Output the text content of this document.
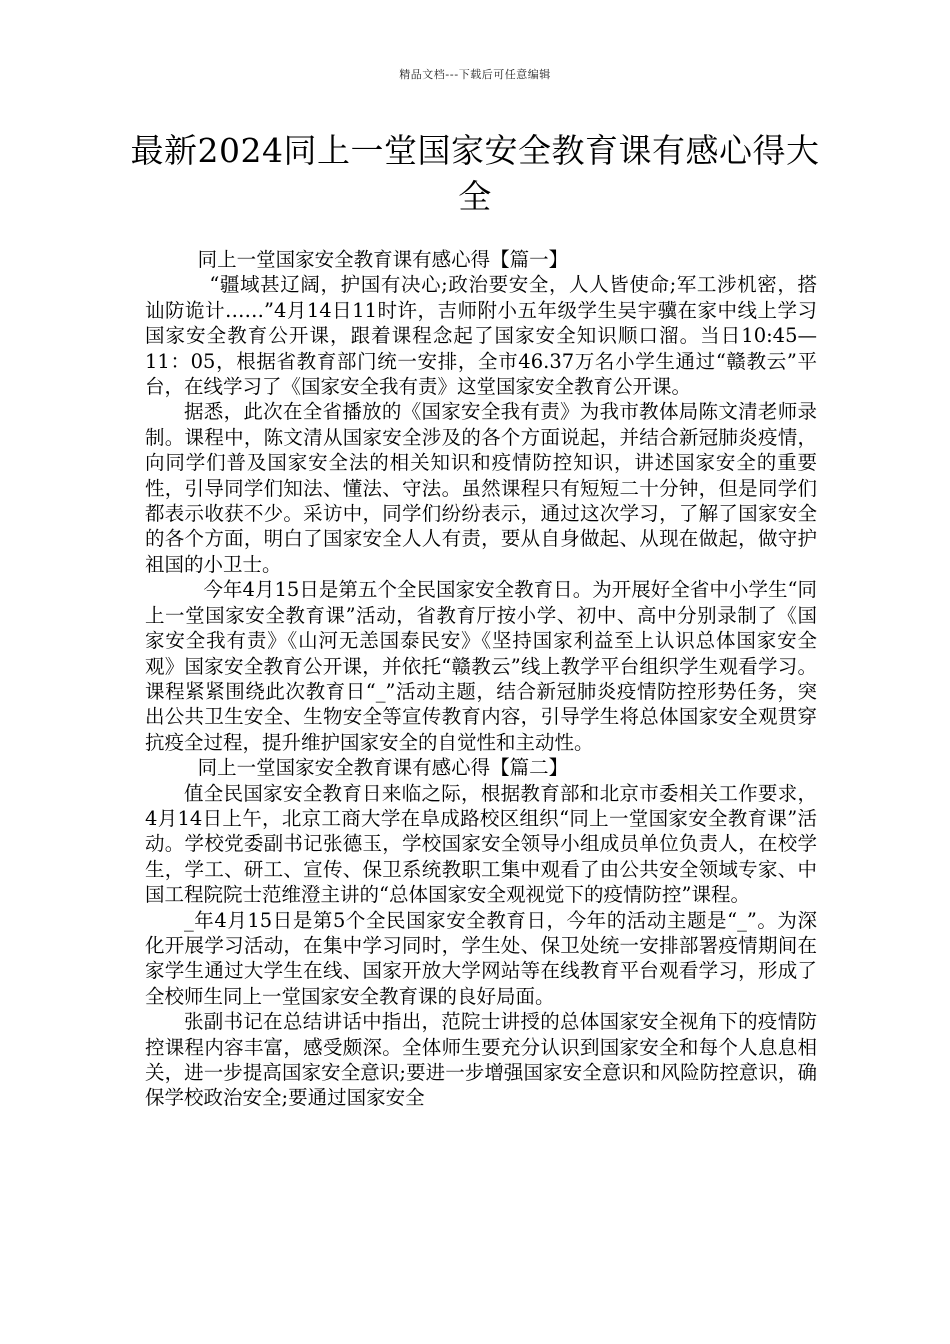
精品文档---下载后可任意编辑
最新2024同上一堂国家安全教育课有感心得大全

同上一堂国家安全教育课有感心得【篇一】

“疆域甚辽阔，护国有决心;政治要安全，人人皆使命;军工涉机密，搭讪防诡计……”4月14日11时许，吉师附小五年级学生吴宇骥在家中线上学习国家安全教育公开课，跟着课程念起了国家安全知识顺口溜。当日10:45—11：05，根据省教育部门统一安排，全市46.37万名小学生通过“赣教云”平台，在线学习了《国家安全我有责》这堂国家安全教育公开课。

据悉，此次在全省播放的《国家安全我有责》为我市教体局陈文清老师录制。课程中，陈文清从国家安全涉及的各个方面说起，并结合新冠肺炎疫情，向同学们普及国家安全法的相关知识和疫情防控知识，讲述国家安全的重要性，引导同学们知法、懂法、守法。虽然课程只有短短二十分钟，但是同学们都表示收获不少。采访中，同学们纷纷表示，通过这次学习，了解了国家安全的各个方面，明白了国家安全人人有责，要从自身做起、从现在做起，做守护祖国的小卫士。

今年4月15日是第五个全民国家安全教育日。为开展好全省中小学生“同上一堂国家安全教育课”活动，省教育厅按小学、初中、高中分别录制了《国家安全我有责》《山河无恙国泰民安》《坚持国家利益至上认识总体国家安全观》国家安全教育公开课，并依托“赣教云”线上教学平台组织学生观看学习。课程紧紧围绕此次教育日“_”活动主题，结合新冠肺炎疫情防控形势任务，突出公共卫生安全、生物安全等宣传教育内容，引导学生将总体国家安全观贯穿抗疫全过程，提升维护国家安全的自觉性和主动性。

同上一堂国家安全教育课有感心得【篇二】

值全民国家安全教育日来临之际，根据教育部和北京市委相关工作要求，4月14日上午，北京工商大学在阜成路校区组织“同上一堂国家安全教育课”活动。学校党委副书记张德玉，学校国家安全领导小组成员单位负责人，在校学生，学工、研工、宣传、保卫系统教职工集中观看了由公共安全领域专家、中国工程院院士范维澄主讲的“总体国家安全观视觉下的疫情防控”课程。

_年4月15日是第5个全民国家安全教育日，今年的活动主题是“_”。为深化开展学习活动，在集中学习同时，学生处、保卫处统一安排部署疫情期间在家学生通过大学生在线、国家开放大学网站等在线教育平台观看学习，形成了全校师生同上一堂国家安全教育课的良好局面。

张副书记在总结讲话中指出，范院士讲授的总体国家安全视角下的疫情防控课程内容丰富，感受颇深。全体师生要充分认识到国家安全和每个人息息相关，进一步提高国家安全意识;要进一步增强国家安全意识和风险防控意识，确保学校政治安全;要通过国家安全
